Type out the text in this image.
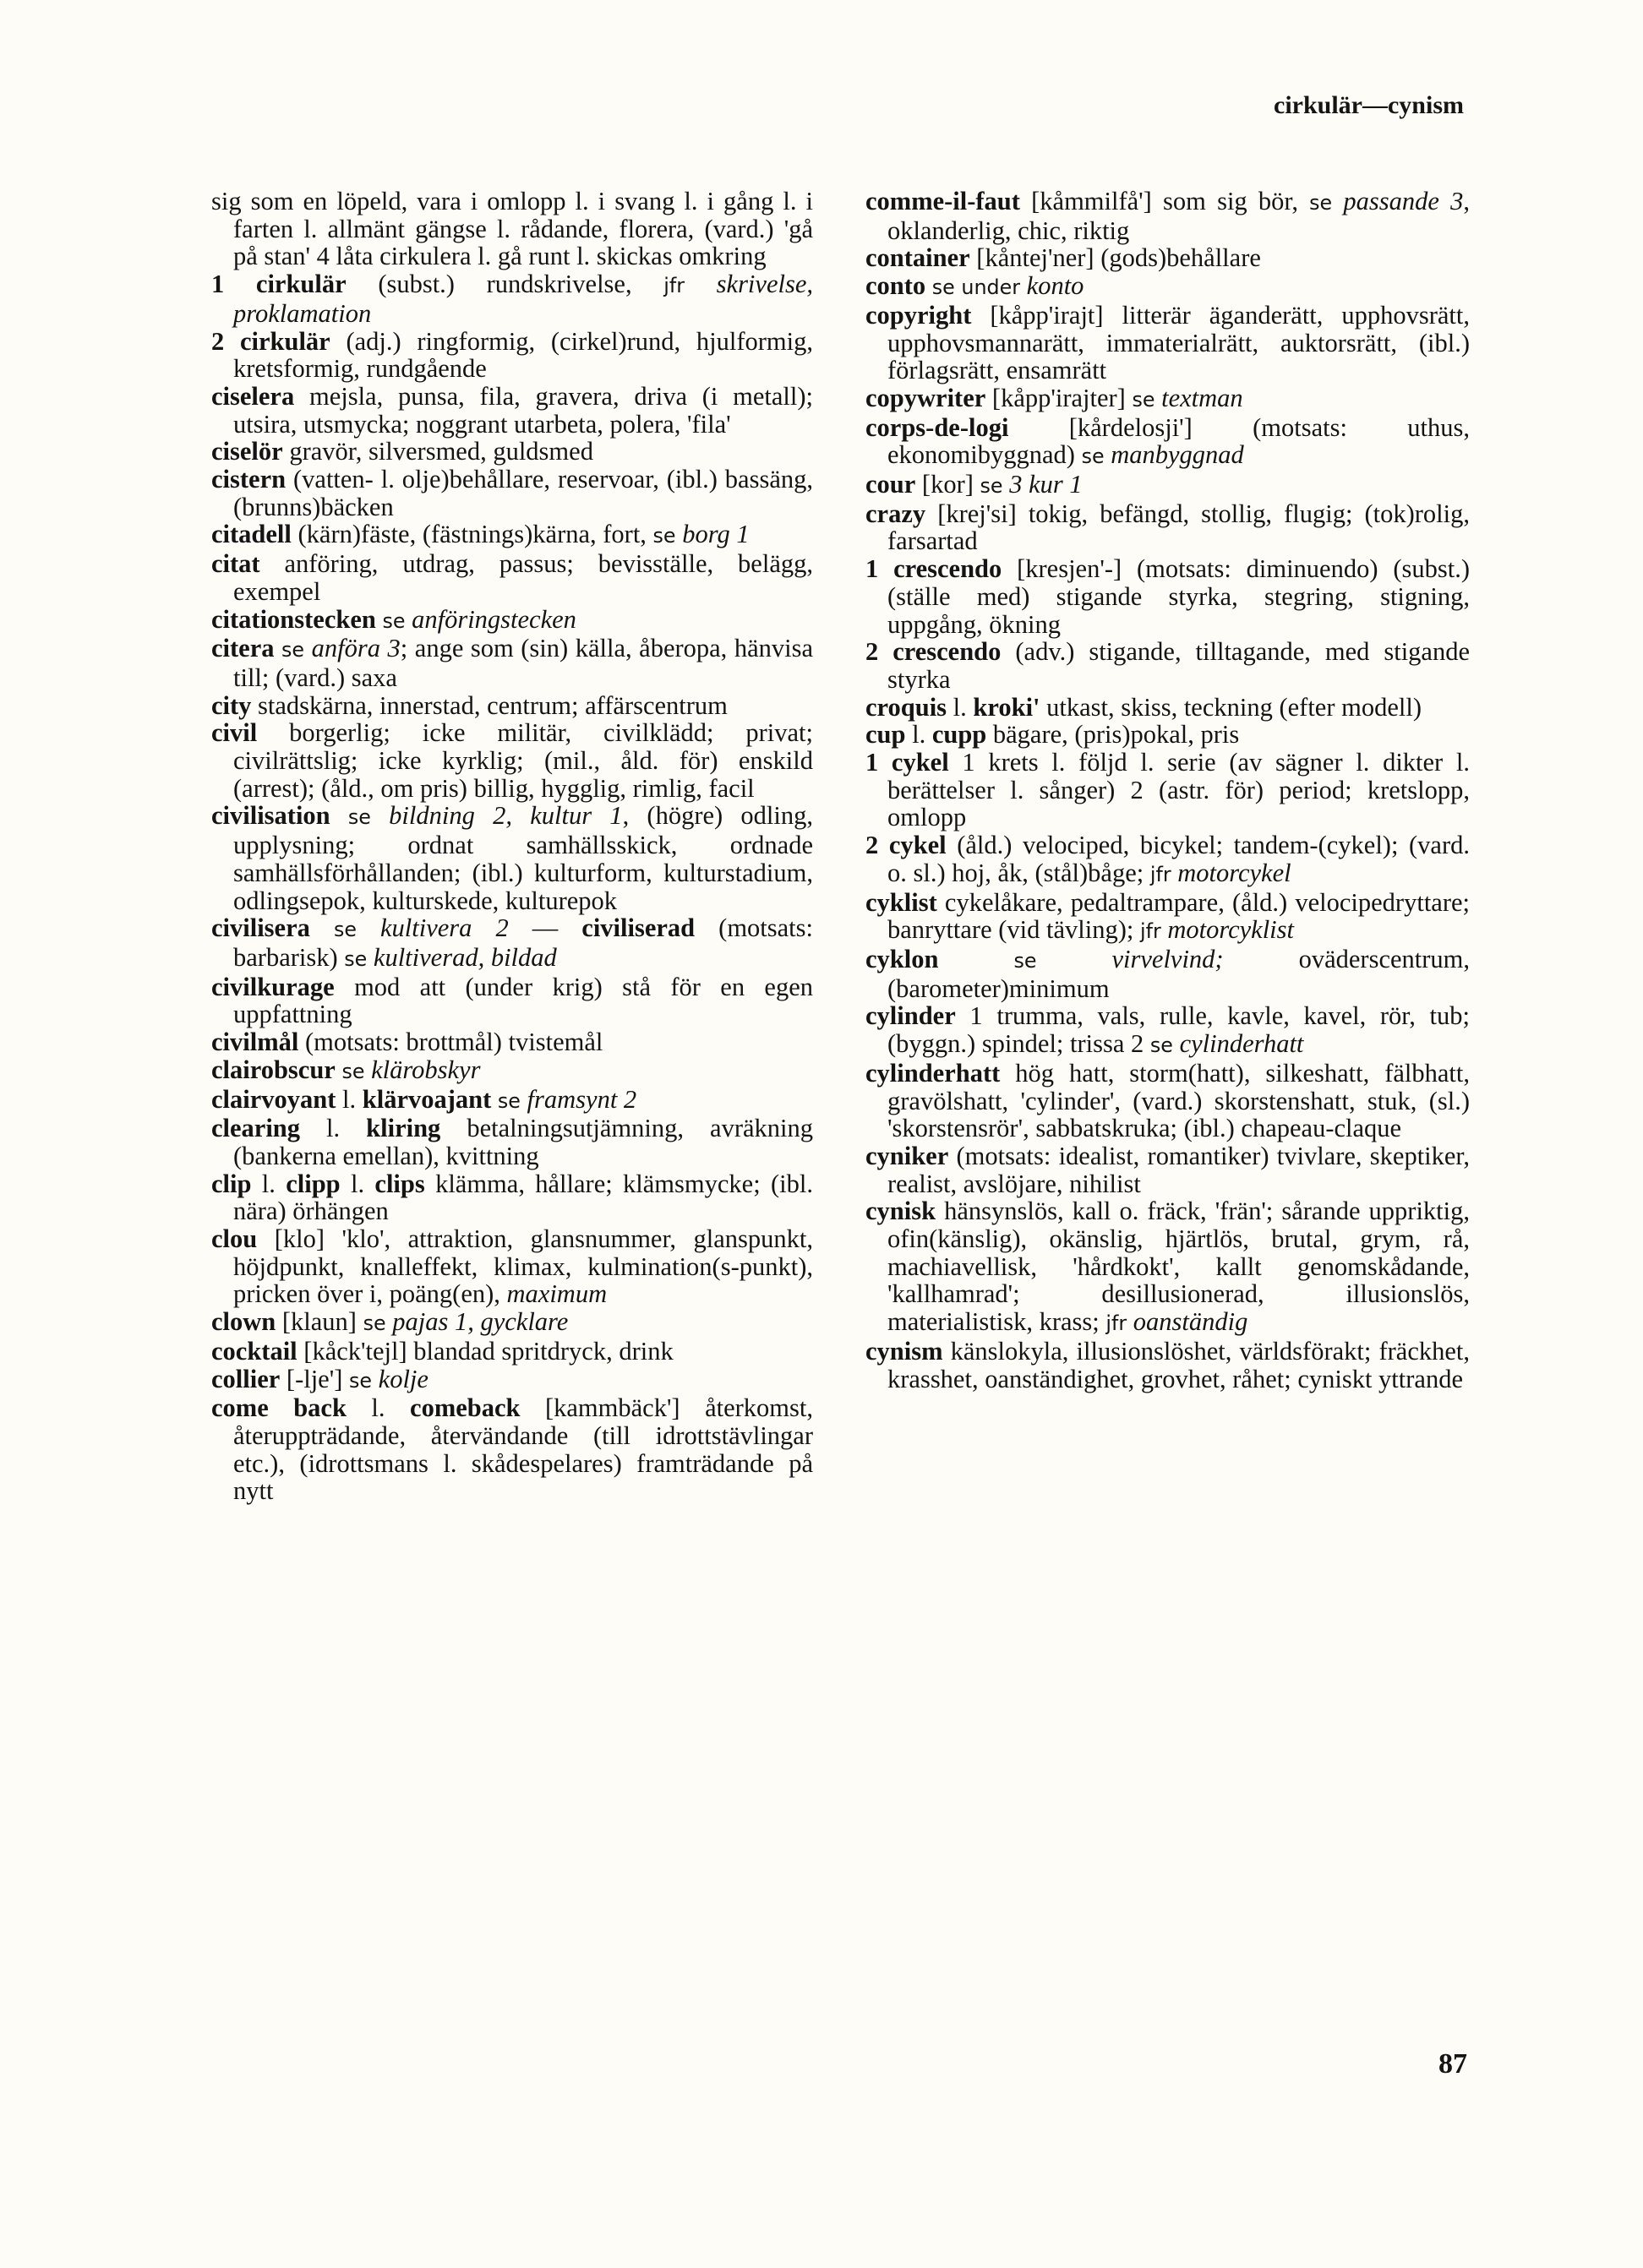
cirkulär—cynism
sig som en löpeld, vara i omlopp l. i svang l. i gång l. i farten l. allmänt gängse l. rådande, florera, (vard.) 'gå på stan' 4 låta cirkulera l. gå runt l. skickas omkring
1 cirkulär (subst.) rundskrivelse, jfr skrivelse, proklamation
2 cirkulär (adj.) ringformig, (cirkel)rund, hjulformig, kretsformig, rundgående
ciselera mejsla, punsa, fila, gravera, driva (i metall); utsira, utsmycka; noggrant utarbeta, polera, 'fila'
ciselör gravör, silversmed, guldsmed
cistern (vatten- l. olje)behållare, reservoar, (ibl.) bassäng, (brunns)bäcken
citadell (kärn)fäste, (fästnings)kärna, fort, se borg 1
citat anföring, utdrag, passus; bevisställe, belägg, exempel
citationstecken se anföringstecken
citera se anföra 3; ange som (sin) källa, åberopa, hänvisa till; (vard.) saxa
city stadskärna, innerstad, centrum; affärscentrum
civil borgerlig; icke militär, civilklädd; privat; civilrättslig; icke kyrklig; (mil., åld. för) enskild (arrest); (åld., om pris) billig, hygglig, rimlig, facil
civilisation se bildning 2, kultur 1, (högre) odling, upplysning; ordnat samhällsskick, ordnade samhällsförhållanden; (ibl.) kulturform, kulturstadium, odlingsepok, kulturskede, kulturepok
civilisera se kultivera 2 — civiliserad (motsats: barbarisk) se kultiverad, bildad
civilkurage mod att (under krig) stå för en egen uppfattning
civilmål (motsats: brottmål) tvistemål
clairobscur se klärobskyr
clairvoyant l. klärvoajant se framsynt 2
clearing l. kliring betalningsutjämning, avräkning (bankerna emellan), kvittning
clip l. clipp l. clips klämma, hållare; klämsmycke; (ibl. nära) örhängen
clou [klo] 'klo', attraktion, glansnummer, glanspunkt, höjdpunkt, knalleffekt, klimax, kulmination(s-punkt), pricken över i, poäng(en), maximum
clown [klaun] se pajas 1, gycklare
cocktail [kåck'tejl] blandad spritdryck, drink
collier [-lje'] se kolje
come back l. comeback [kammbäck'] återkomst, återuppträdande, återvändande (till idrottstävlingar etc.), (idrottsmans l. skådespelares) framträdande på nytt
comme-il-faut [kåmmilfå'] som sig bör, se passande 3, oklanderlig, chic, riktig
container [kåntej'ner] (gods)behållare
conto se under konto
copyright [kåpp'irajt] litterär äganderätt, upphovsrätt, upphovsmannarätt, immaterialrätt, auktorsrätt, (ibl.) förlagsrätt, ensamrätt
copywriter [kåpp'irajter] se textman
corps-de-logi [kårdelosji'] (motsats: uthus, ekonomibyggnad) se manbyggnad
cour [kor] se 3 kur 1
crazy [krej'si] tokig, befängd, stollig, flugig; (tok)rolig, farsartad
1 crescendo [kresjen'-] (motsats: diminuendo) (subst.) (ställe med) stigande styrka, stegring, stigning, uppgång, ökning
2 crescendo (adv.) stigande, tilltagande, med stigande styrka
croquis l. kroki' utkast, skiss, teckning (efter modell)
cup l. cupp bägare, (pris)pokal, pris
1 cykel 1 krets l. följd l. serie (av sägner l. dikter l. berättelser l. sånger) 2 (astr. för) period; kretslopp, omlopp
2 cykel (åld.) velociped, bicykel; tandem-(cykel); (vard. o. sl.) hoj, åk, (stål)båge; jfr motorcykel
cyklist cykelåkare, pedaltrampare, (åld.) velocipedryttare; banryttare (vid tävling); jfr motorcyklist
cyklon	se virvelvind; oväderscentrum, (barometer)minimum
cylinder 1 trumma, vals, rulle, kavle, kavel, rör, tub; (byggn.) spindel; trissa 2 se cylinderhatt
cylinderhatt hög hatt, storm(hatt), silkeshatt, fälbhatt, gravölshatt, 'cylinder', (vard.) skorstenshatt, stuk, (sl.) 'skorstensrör', sabbatskruka; (ibl.) chapeau-claque
cyniker (motsats: idealist, romantiker) tvivlare, skeptiker, realist, avslöjare, nihilist
cynisk hänsynslös, kall o. fräck, 'frän'; sårande uppriktig, ofin(känslig), okänslig, hjärtlös, brutal, grym, rå, machiavellisk, 'hårdkokt', kallt genomskådande, 'kallhamrad'; desillusionerad, illusionslös, materialistisk, krass; jfr oanständig
cynism känslokyla, illusionslöshet, världsförakt; fräckhet, krasshet, oanständighet, grovhet, råhet; cyniskt yttrande
87
